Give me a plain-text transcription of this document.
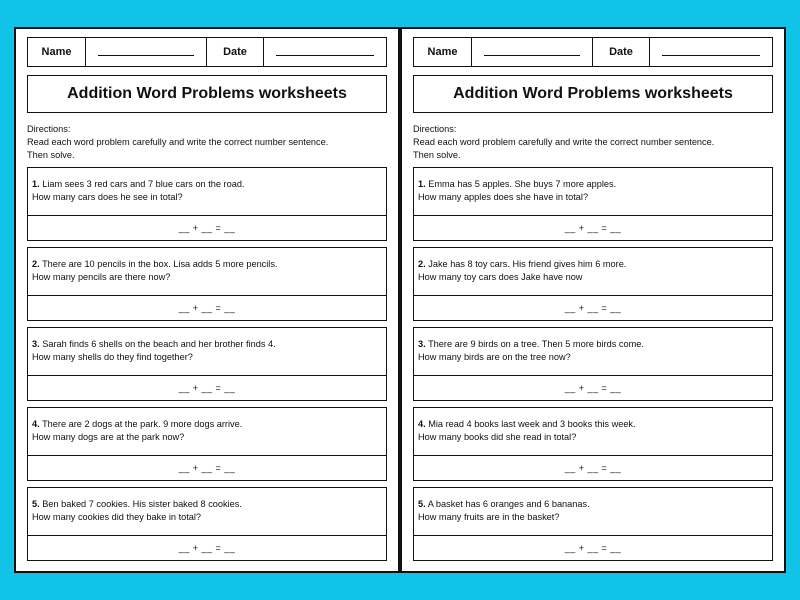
Name	Date
Addition Word Problems worksheets
Directions:
Read each word problem carefully and write the correct number sentence.
Then solve.
1. Liam sees 3 red cars and 7 blue cars on the road.
How many cars does he see in total?
__ + __ = __
2. There are 10 pencils in the box. Lisa adds 5 more pencils.
How many pencils are there now?
__ + __ = __
3. Sarah finds 6 shells on the beach and her brother finds 4.
How many shells do they find together?
__ + __ = __
4. There are 2 dogs at the park. 9 more dogs arrive.
How many dogs are at the park now?
__ + __ = __
5. Ben baked 7 cookies. His sister baked 8 cookies.
How many cookies did they bake in total?
__ + __ = __
Name	Date
Addition Word Problems worksheets
Directions:
Read each word problem carefully and write the correct number sentence.
Then solve.
1. Emma has 5 apples. She buys 7 more apples.
How many apples does she have in total?
__ + __ = __
2. Jake has 8 toy cars. His friend gives him 6 more.
How many toy cars does Jake have now
__ + __ = __
3. There are 9 birds on a tree. Then 5 more birds come.
How many birds are on the tree now?
__ + __ = __
4. Mia read 4 books last week and 3 books this week.
How many books did she read in total?
__ + __ = __
5. A basket has 6 oranges and 6 bananas.
How many fruits are in the basket?
__ + __ = __
